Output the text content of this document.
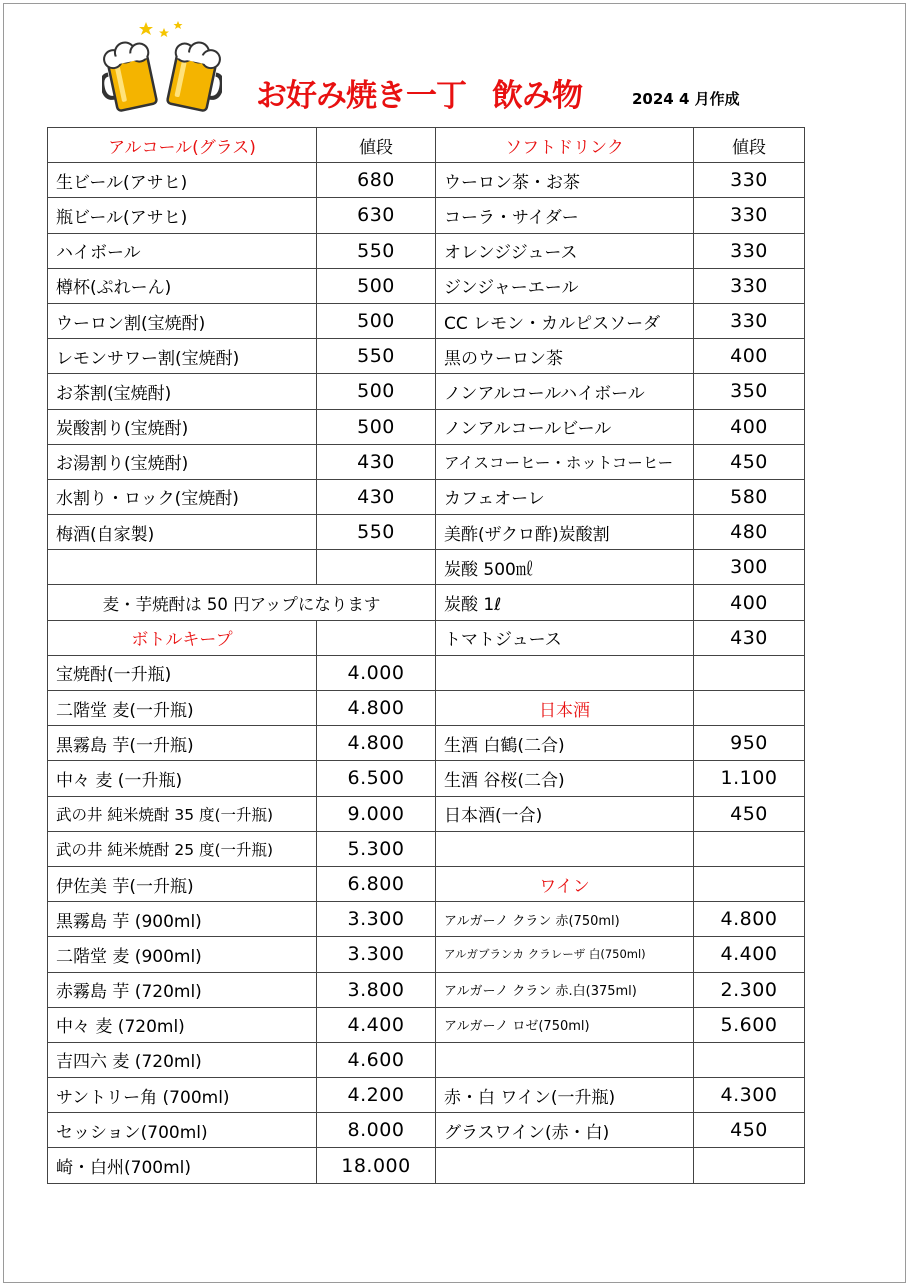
お好み焼き一丁 飲み物	2024 4 月作成
アルコール(グラス)	値段	ソフトドリンク	値段
生ビール(アサヒ)	680	ウーロン茶・お茶	330
瓶ビール(アサヒ)	630	コーラ・サイダー	330
ハイボール	550	オレンジジュース	330
樽杯(ぷれーん)	500	ジンジャーエール	330
ウーロン割(宝焼酎)	500	CC レモン・カルピスソーダ	330
レモンサワー割(宝焼酎)	550	黒のウーロン茶	400
お茶割(宝焼酎)	500	ノンアルコールハイボール	350
炭酸割り(宝焼酎)	500	ノンアルコールビール	400
お湯割り(宝焼酎)	430	アイスコーヒー・ホットコーヒー	450
水割り・ロック(宝焼酎)	430	カフェオーレ	580
梅酒(自家製)	550	美酢(ザクロ酢)炭酸割	480
		炭酸 500㎖	300
麦・芋焼酎は 50 円アップになります		炭酸 1ℓ	400
ボトルキープ		トマトジュース	430
宝焼酎(一升瓶)	4.000		
二階堂 麦(一升瓶)	4.800	日本酒	
黒霧島 芋(一升瓶)	4.800	生酒 白鶴(二合)	950
中々 麦 (一升瓶)	6.500	生酒 谷桜(二合)	1.100
武の井 純米焼酎 35 度(一升瓶)	9.000	日本酒(一合)	450
武の井 純米焼酎 25 度(一升瓶)	5.300		
伊佐美 芋(一升瓶)	6.800	ワイン	
黒霧島 芋 (900ml)	3.300	アルガーノ クラン 赤(750ml)	4.800
二階堂 麦 (900ml)	3.300	アルガブランカ クラレーザ 白(750ml)	4.400
赤霧島 芋 (720ml)	3.800	アルガーノ クラン 赤.白(375ml)	2.300
中々 麦 (720ml)	4.400	アルガーノ ロゼ(750ml)	5.600
吉四六 麦 (720ml)	4.600		
サントリー角 (700ml)	4.200	赤・白 ワイン(一升瓶)	4.300
セッション(700ml)	8.000	グラスワイン(赤・白)	450
崎・白州(700ml)	18.000		
